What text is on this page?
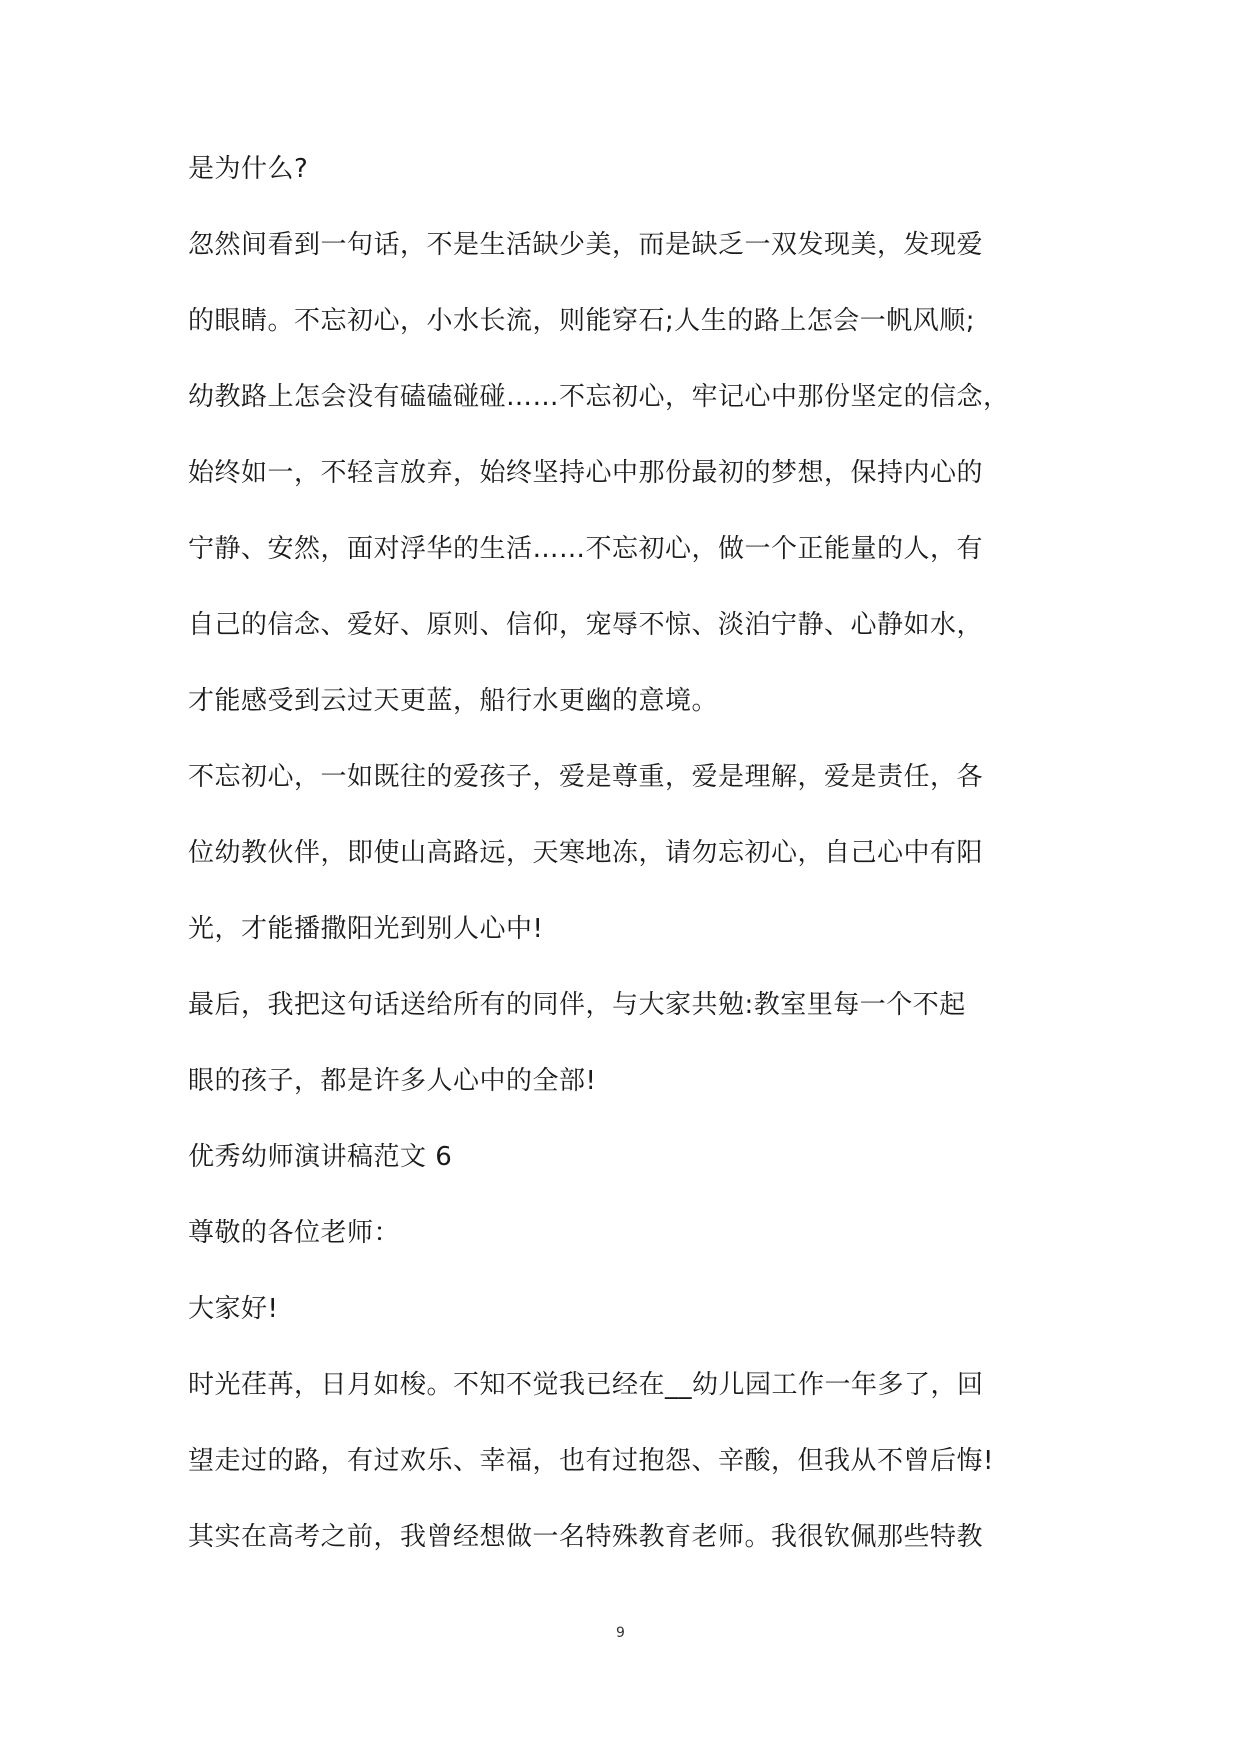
是为什么?
忽然间看到一句话，不是生活缺少美，而是缺乏一双发现美，发现爱
的眼睛。不忘初心，小水长流，则能穿石;人生的路上怎会一帆风顺;
幼教路上怎会没有磕磕碰碰……不忘初心，牢记心中那份坚定的信念，
始终如一，不轻言放弃，始终坚持心中那份最初的梦想，保持内心的
宁静、安然，面对浮华的生活……不忘初心，做一个正能量的人，有
自己的信念、爱好、原则、信仰，宠辱不惊、淡泊宁静、心静如水，
才能感受到云过天更蓝，船行水更幽的意境。
不忘初心，一如既往的爱孩子，爱是尊重，爱是理解，爱是责任，各
位幼教伙伴，即使山高路远，天寒地冻，请勿忘初心，自己心中有阳
光，才能播撒阳光到别人心中!
最后，我把这句话送给所有的同伴，与大家共勉:教室里每一个不起
眼的孩子，都是许多人心中的全部!
优秀幼师演讲稿范文 6
尊敬的各位老师：
大家好!
时光荏苒，日月如梭。不知不觉我已经在__幼儿园工作一年多了，回
望走过的路，有过欢乐、幸福，也有过抱怨、辛酸，但我从不曾后悔!
其实在高考之前，我曾经想做一名特殊教育老师。我很钦佩那些特教
9
